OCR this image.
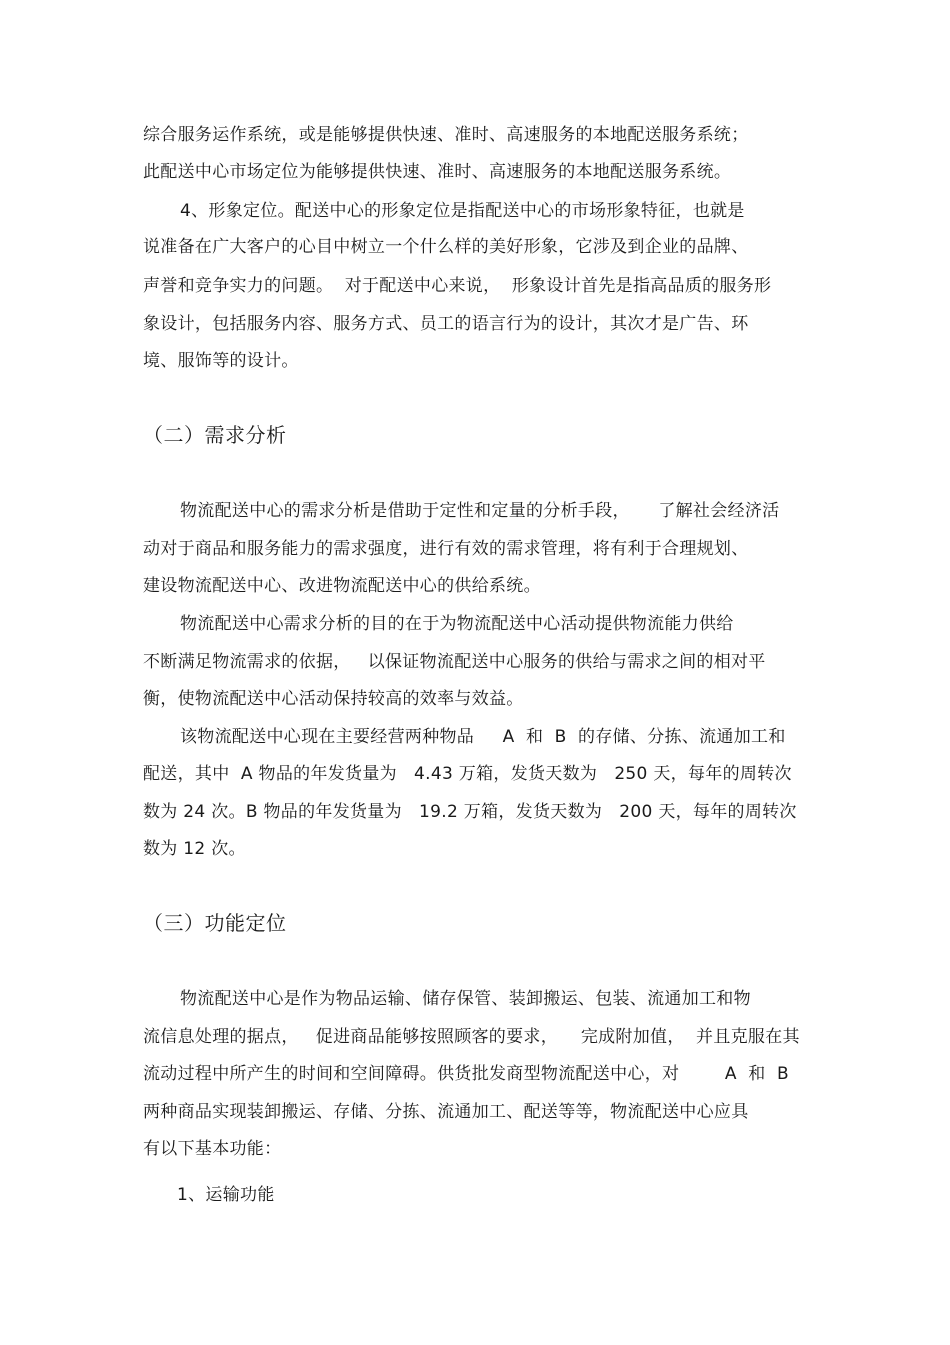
综合服务运作系统，或是能够提供快速、准时、高速服务的本地配送服务系统；
此配送中心市场定位为能够提供快速、准时、高速服务的本地配送服务系统。
4、形象定位。配送中心的形象定位是指配送中心的市场形象特征，也就是
说准备在广大客户的心目中树立一个什么样的美好形象，它涉及到企业的品牌、
声誉和竞争实力的问题。  对于配送中心来说，  形象设计首先是指高品质的服务形
象设计，包括服务内容、服务方式、员工的语言行为的设计，其次才是广告、环
境、服饰等的设计。
（二）需求分析
物流配送中心的需求分析是借助于定性和定量的分析手段，     了解社会经济活
动对于商品和服务能力的需求强度，进行有效的需求管理，将有利于合理规划、
建设物流配送中心、改进物流配送中心的供给系统。
物流配送中心需求分析的目的在于为物流配送中心活动提供物流能力供给
不断满足物流需求的依据，   以保证物流配送中心服务的供给与需求之间的相对平
衡，使物流配送中心活动保持较高的效率与效益。
该物流配送中心现在主要经营两种物品     A  和  B  的存储、分拣、流通加工和
配送，其中  A 物品的年发货量为   4.43 万箱，发货天数为   250 天，每年的周转次
数为 24 次。B 物品的年发货量为   19.2 万箱，发货天数为   200 天，每年的周转次
数为 12 次。
（三）功能定位
物流配送中心是作为物品运输、储存保管、装卸搬运、包装、流通加工和物
流信息处理的据点，   促进商品能够按照顾客的要求，    完成附加值，  并且克服在其
流动过程中所产生的时间和空间障碍。供货批发商型物流配送中心，对        A  和  B
两种商品实现装卸搬运、存储、分拣、流通加工、配送等等，物流配送中心应具
有以下基本功能：
1、运输功能
